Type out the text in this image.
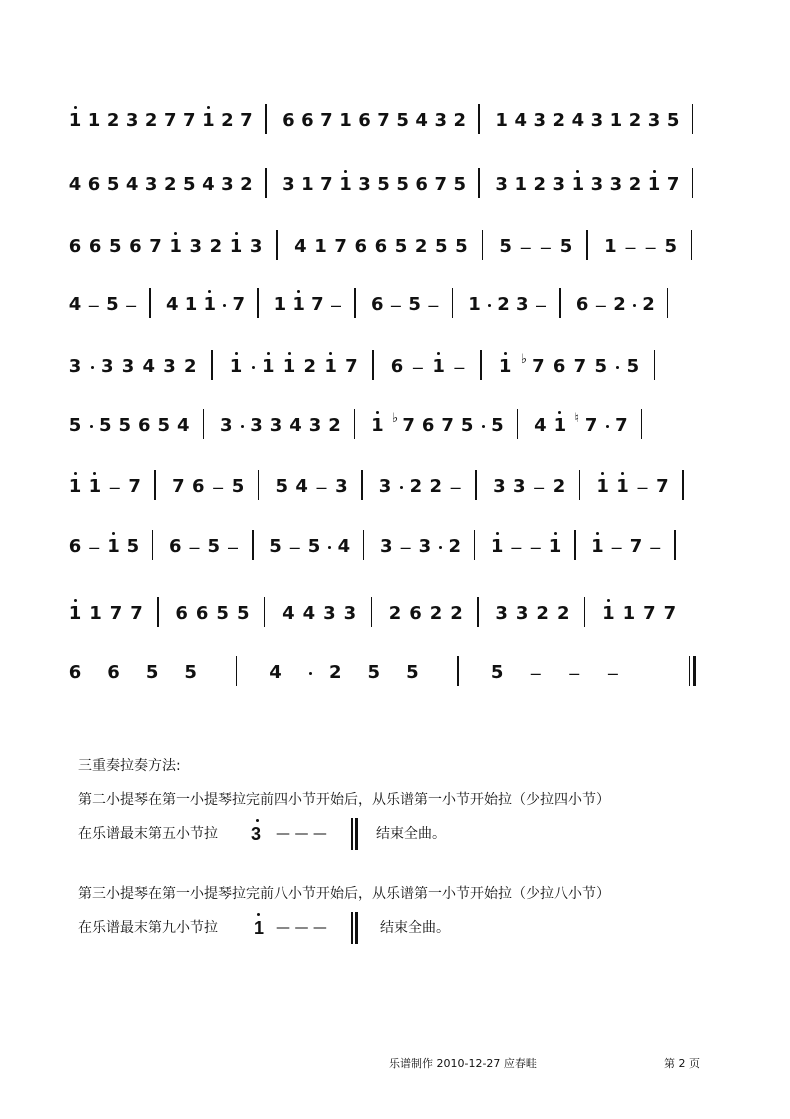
1 1 2 3 2 7 7 1 2 7 6 6 7 1 6 7 5 4 3 2 1 4 3 2 4 3 1 2 3 5
4 6 5 4 3 2 5 4 3 2 3 1 7 1 3 5 5 6 7 5 3 1 2 3 1 3 3 2 1 7
6 6 5 6 7 1 3 2 1 3 4 1 7 6 6 5 2 5 5 5 – – 5 1 – – 5
4 – 5 – 4 1 1 7 1 1 7 – 6 – 5 – 1 2 3 – 6 – 2 2
3 3 3 4 3 2 1 1 1 2 1 7 6 – 1 – 1 ♭ 7 6 7 5 5
5 5 5 6 5 4 3 3 3 4 3 2 1 ♭ 7 6 7 5 5 4 1 ♮ 7 7
1 1 – 7 7 6 – 5 5 4 – 3 3 2 2 – 3 3 – 2 1 1 – 7
6 – 1 5 6 – 5 – 5 – 5 4 3 – 3 2 1 – – 1 1 – 7 –
1 1 7 7 6 6 5 5 4 4 3 3 2 6 2 2 3 3 2 2 1 1 7 7
6 6 5 5	4	2 5 5	5 – – –
三重奏拉奏方法:
第二小提琴在第一小提琴拉完前四小节开始后，从乐谱第一小节开始拉（少拉四小节）
在乐谱最末第五小节拉 3 — — —	结束全曲。
第三小提琴在第一小提琴拉完前八小节开始后，从乐谱第一小节开始拉（少拉八小节）
在乐谱最末第九小节拉 1 — — —	结束全曲。
乐谱制作 2010-12-27 应春畦	第 2 页
